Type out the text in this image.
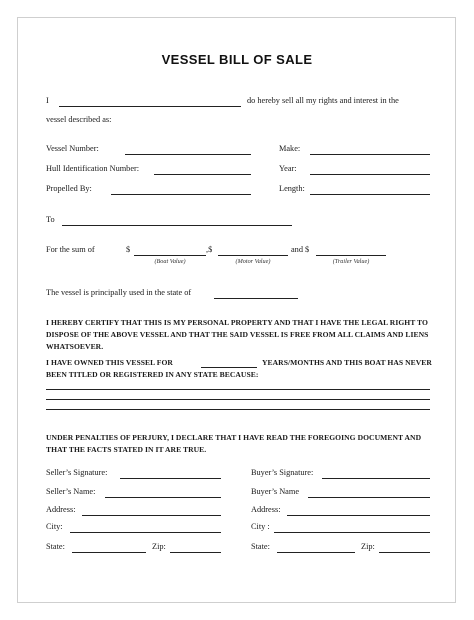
VESSEL BILL OF SALE
I	do hereby sell all my rights and interest in the
vessel described as:
Vessel Number:	Make:
Hull Identification Number:	Year:
Propelled By:	Length:
To
For the sum of	$	,$	and $
(Boat Value)	(Motor Value)	(Trailer Value)
The vessel is principally used in the state of
I HEREBY CERTIFY THAT THIS IS MY PERSONAL PROPERTY AND THAT I HAVE THE LEGAL RIGHT TO
DISPOSE OF THE ABOVE VESSEL AND THAT THE SAID VESSEL IS FREE FROM ALL CLAIMS AND LIENS
WHATSOEVER.
I HAVE OWNED THIS VESSEL FOR	YEARS/MONTHS AND THIS BOAT HAS NEVER
BEEN TITLED OR REGISTERED IN ANY STATE BECAUSE:
UNDER PENALTIES OF PERJURY, I DECLARE THAT I HAVE READ THE FOREGOING DOCUMENT AND
THAT THE FACTS STATED IN IT ARE TRUE.
Seller’s Signature:
Seller’s Name:
Address:
City:
State:	Zip:
Buyer’s Signature:
Buyer’s Name
Address:
City :
State:	Zip:
